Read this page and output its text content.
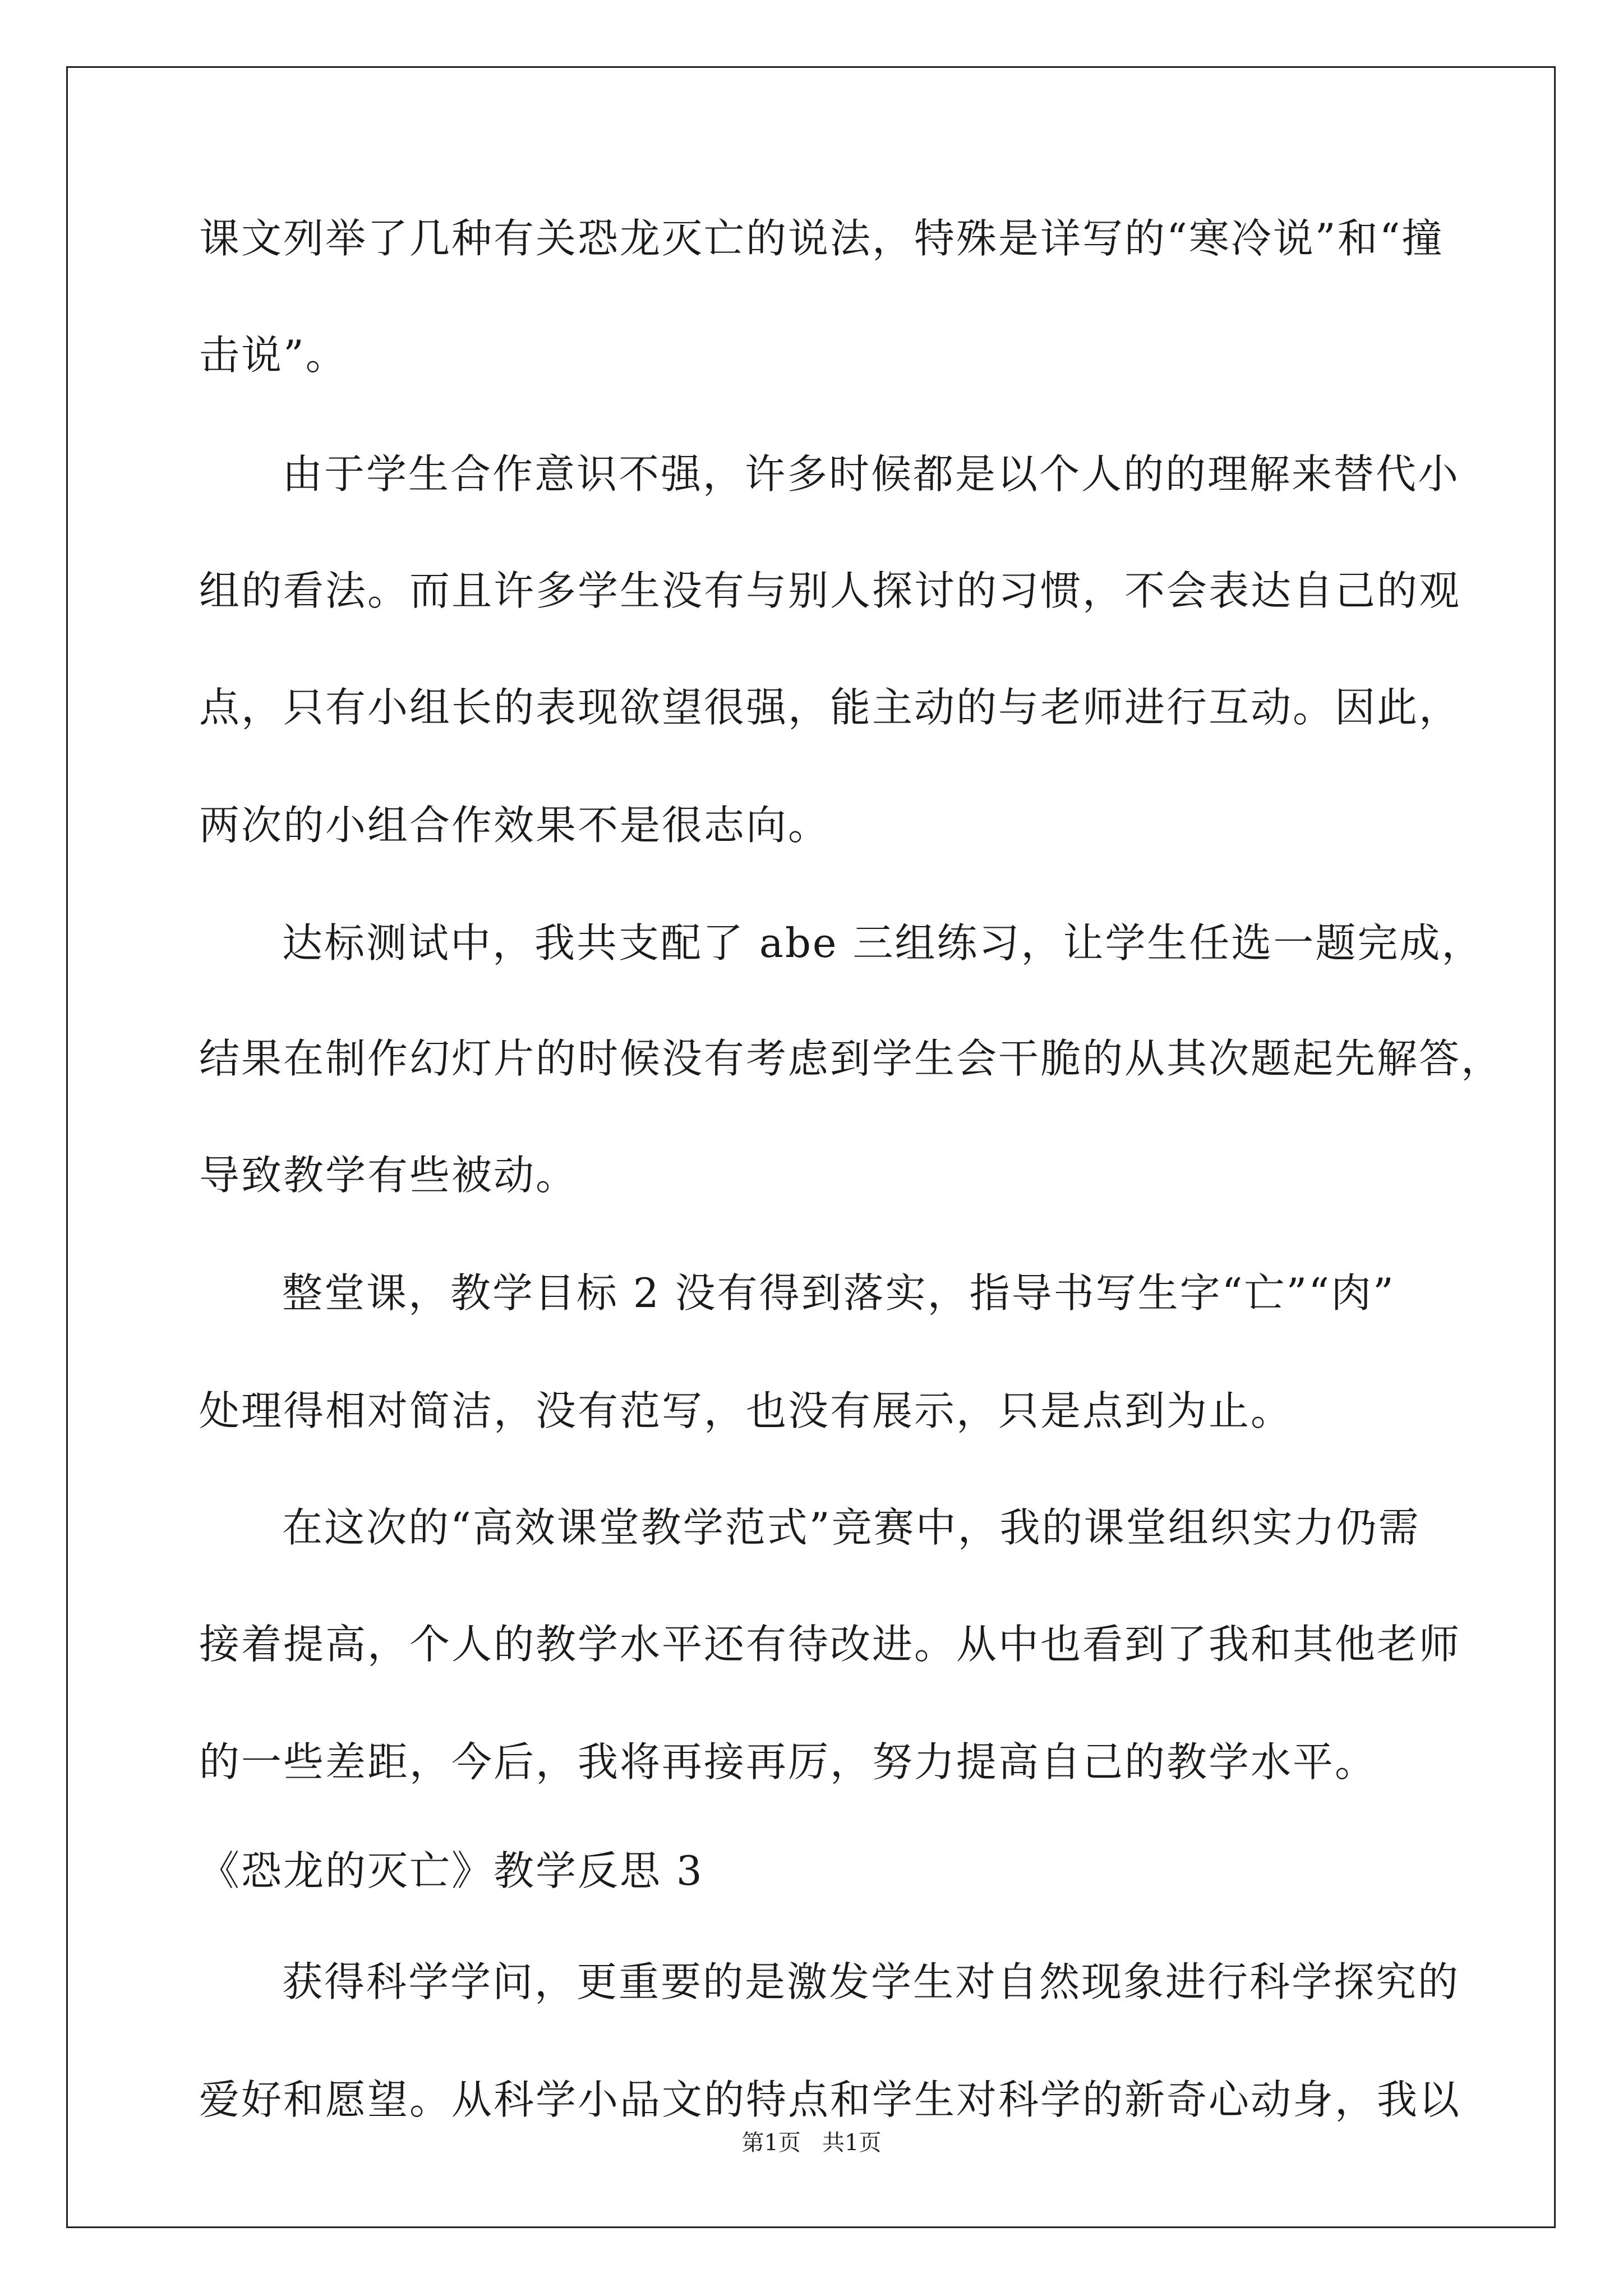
课文列举了几种有关恐龙灭亡的说法，特殊是详写的“寒冷说”和“撞
击说”。
由于学生合作意识不强，许多时候都是以个人的的理解来替代小
组的看法。而且许多学生没有与别人探讨的习惯，不会表达自己的观
点，只有小组长的表现欲望很强，能主动的与老师进行互动。因此，
两次的小组合作效果不是很志向。
达标测试中，我共支配了 abe 三组练习，让学生任选一题完成，
结果在制作幻灯片的时候没有考虑到学生会干脆的从其次题起先解答，
导致教学有些被动。
整堂课，教学目标 2 没有得到落实，指导书写生字“亡”“肉”
处理得相对简洁，没有范写，也没有展示，只是点到为止。
在这次的“高效课堂教学范式”竞赛中，我的课堂组织实力仍需
接着提高，个人的教学水平还有待改进。从中也看到了我和其他老师
的一些差距，今后，我将再接再厉，努力提高自己的教学水平。
《恐龙的灭亡》教学反思 3
获得科学学问，更重要的是激发学生对自然现象进行科学探究的
爱好和愿望。从科学小品文的特点和学生对科学的新奇心动身，我以
第1页   共1页
